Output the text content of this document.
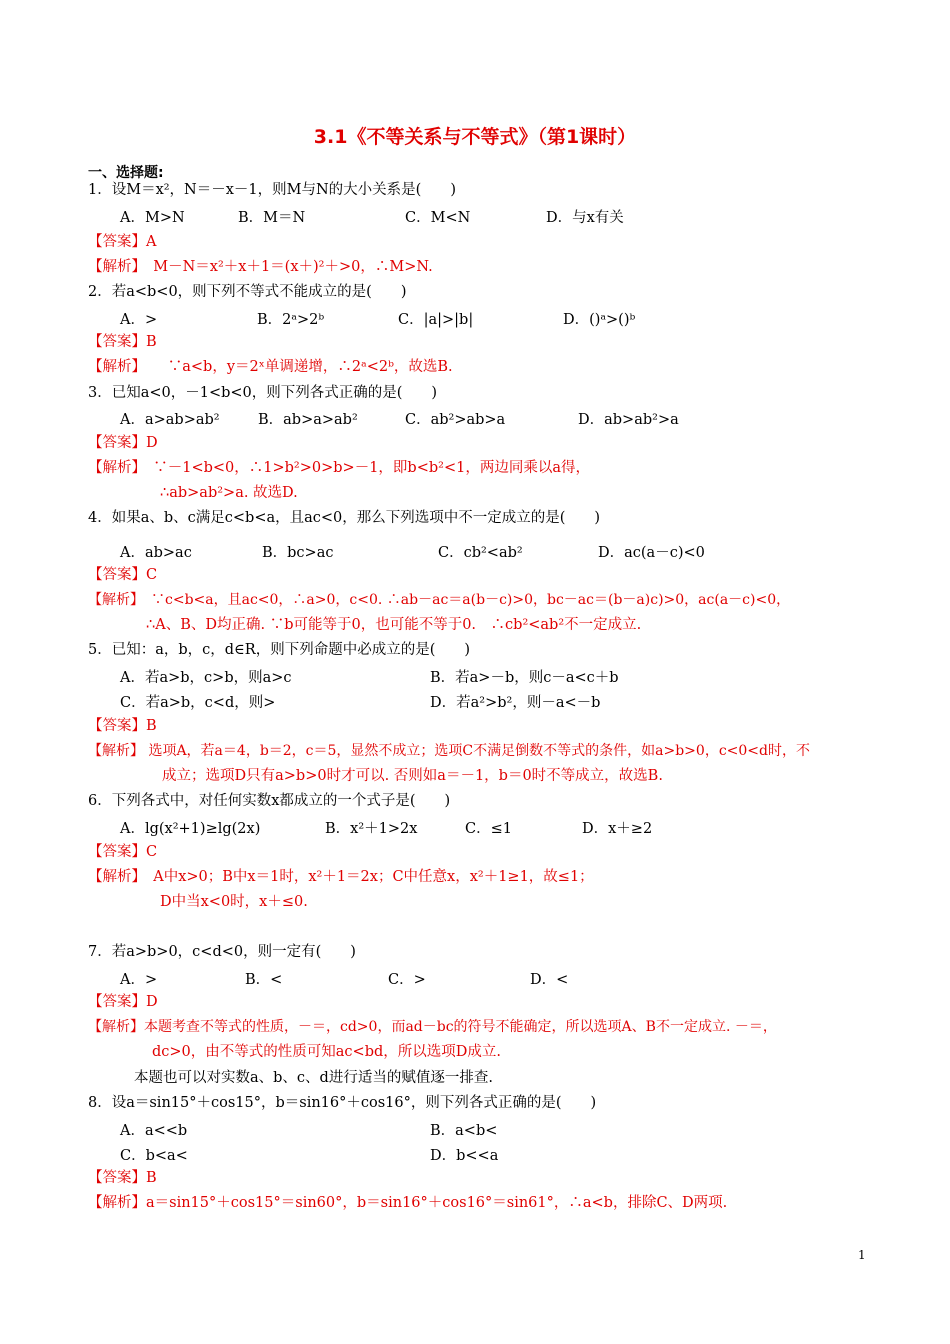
3.1《不等关系与不等式》（第1课时）
一、选择题:
1．设M＝x²，N＝－x－1，则M与N的大小关系是(　　)
A．M>N	B．M＝N	C．M<N	D．与x有关
【答案】A
【解析】　M－N＝x²＋x＋1＝(x＋)²＋>0，∴M>N.
2．若a<b<0，则下列不等式不能成立的是(　　)
A．>	B．2ᵃ>2ᵇ	C．|a|>|b|	D．()ᵃ>()ᵇ
【答案】B
【解析】　　∵a<b，y＝2ˣ单调递增，∴2ᵃ<2ᵇ，故选B.
3．已知a<0，－1<b<0，则下列各式正确的是(　　)
A．a>ab>ab²	B．ab>a>ab²	C．ab²>ab>a	D．ab>ab²>a
【答案】D
【解析】　∵－1<b<0，∴1>b²>0>b>－1，即b<b²<1，两边同乘以a得，
∴ab>ab²>a. 故选D.
4．如果a、b、c满足c<b<a，且ac<0，那么下列选项中不一定成立的是(　　)
A．ab>ac	B．bc>ac	C．cb²<ab²	D．ac(a－c)<0
【答案】C
【解析】　∵c<b<a，且ac<0，∴a>0，c<0. ∴ab－ac＝a(b－c)>0，bc－ac＝(b－a)c)>0，ac(a－c)<0，
∴A、B、D均正确. ∵b可能等于0，也可能不等于0.　∴cb²<ab²不一定成立.
5．已知：a，b，c，d∈R，则下列命题中必成立的是(　　)
A．若a>b，c>b，则a>c	B．若a>－b，则c－a<c＋b
C．若a>b，c<d，则>	D．若a²>b²，则－a<－b
【答案】B
【解析】 选项A，若a＝4，b＝2，c＝5，显然不成立；选项C不满足倒数不等式的条件，如a>b>0，c<0<d时，不
成立；选项D只有a>b>0时才可以. 否则如a＝－1，b＝0时不等成立，故选B.
6．下列各式中，对任何实数x都成立的一个式子是(　　)
A．lg(x²+1)≥lg(2x)	B．x²＋1>2x	C．≤1	D．x＋≥2
【答案】C
【解析】　A中x>0；B中x＝1时，x²＋1＝2x；C中任意x，x²＋1≥1，故≤1；
D中当x<0时，x＋≤0.
7．若a>b>0，c<d<0，则一定有(　　)
A．>	B．<	C．>	D．<
【答案】D
【解析】本题考查不等式的性质，－＝，cd>0，而ad－bc的符号不能确定，所以选项A、B不一定成立. －＝，
dc>0，由不等式的性质可知ac<bd，所以选项D成立.
本题也可以对实数a、b、c、d进行适当的赋值逐一排查.
8．设a＝sin15°＋cos15°，b＝sin16°＋cos16°，则下列各式正确的是(　　)
A．a<<b	B．a<b<
C．b<a<	D．b<<a
【答案】B
【解析】a＝sin15°＋cos15°＝sin60°，b＝sin16°＋cos16°＝sin61°，∴a<b，排除C、D两项.
1
